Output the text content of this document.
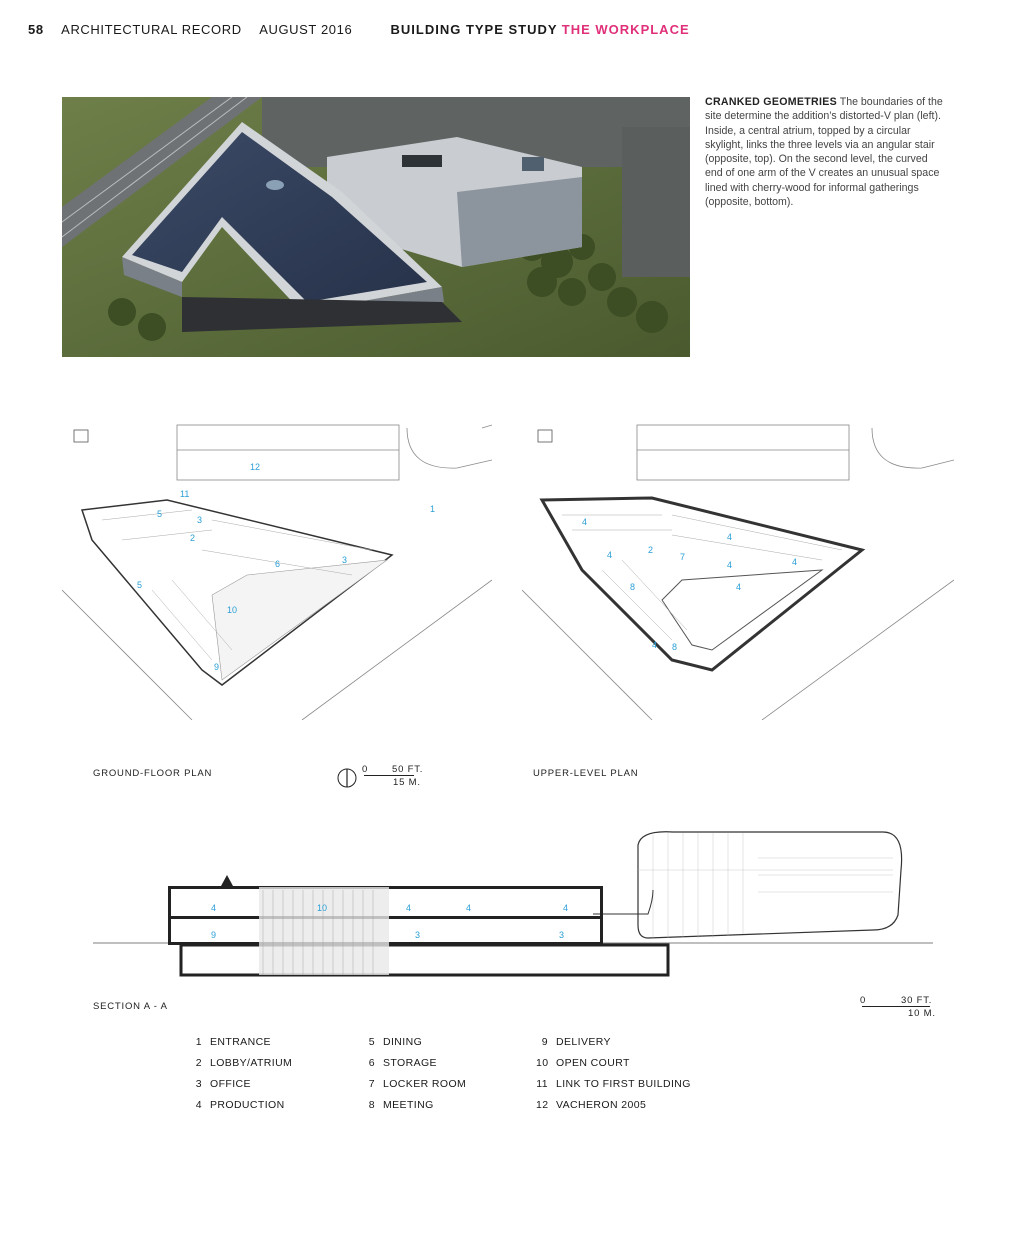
58 ARCHITECTURAL RECORD AUGUST 2016	BUILDING TYPE STUDY THE WORKPLACE
CRANKED GEOMETRIES The boundaries of the site determine the addition’s distorted-V plan (left). Inside, a central atrium, topped by a circular skylight, links the three levels via an angular stair (opposite, top). On the second level, the curved end of one arm of the V creates an unusual space lined with cherry-wood for informal gatherings (opposite, bottom).
12
1
11
2
3
3
5
6
10
9
5
4
2
4
4
4
4
8
4 8
4
7
GROUND-FLOOR PLAN	UPPER-LEVEL PLAN
0	50 FT.
15 M.
4	10	4	4	4
9	3	3
SECTION A - A
0	30 FT.
10 M.
1 ENTRANCE
2 LOBBY/ATRIUM
3 OFFICE
4 PRODUCTION
5 DINING
6 STORAGE
7 LOCKER ROOM
8 MEETING
9 DELIVERY
10 OPEN COURT
11 LINK TO FIRST BUILDING
12 VACHERON 2005
